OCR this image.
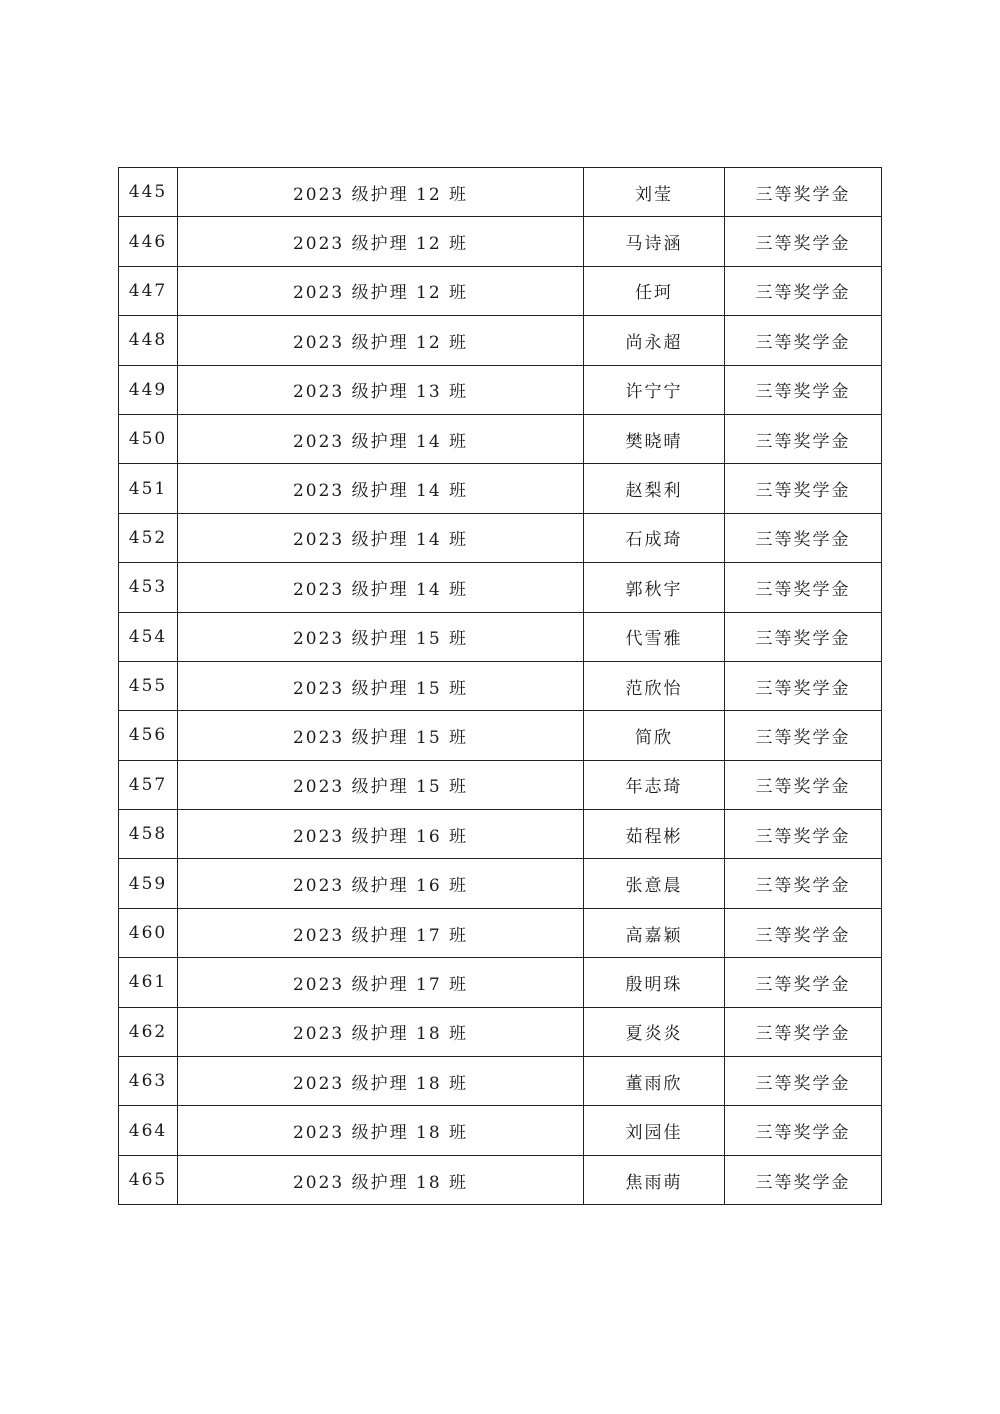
445	2023 级护理 12 班	刘莹	三等奖学金
446	2023 级护理 12 班	马诗涵	三等奖学金
447	2023 级护理 12 班	任珂	三等奖学金
448	2023 级护理 12 班	尚永超	三等奖学金
449	2023 级护理 13 班	许宁宁	三等奖学金
450	2023 级护理 14 班	樊晓晴	三等奖学金
451	2023 级护理 14 班	赵梨利	三等奖学金
452	2023 级护理 14 班	石成琦	三等奖学金
453	2023 级护理 14 班	郭秋宇	三等奖学金
454	2023 级护理 15 班	代雪雅	三等奖学金
455	2023 级护理 15 班	范欣怡	三等奖学金
456	2023 级护理 15 班	简欣	三等奖学金
457	2023 级护理 15 班	年志琦	三等奖学金
458	2023 级护理 16 班	茹程彬	三等奖学金
459	2023 级护理 16 班	张意晨	三等奖学金
460	2023 级护理 17 班	高嘉颖	三等奖学金
461	2023 级护理 17 班	殷明珠	三等奖学金
462	2023 级护理 18 班	夏炎炎	三等奖学金
463	2023 级护理 18 班	董雨欣	三等奖学金
464	2023 级护理 18 班	刘园佳	三等奖学金
465	2023 级护理 18 班	焦雨萌	三等奖学金
